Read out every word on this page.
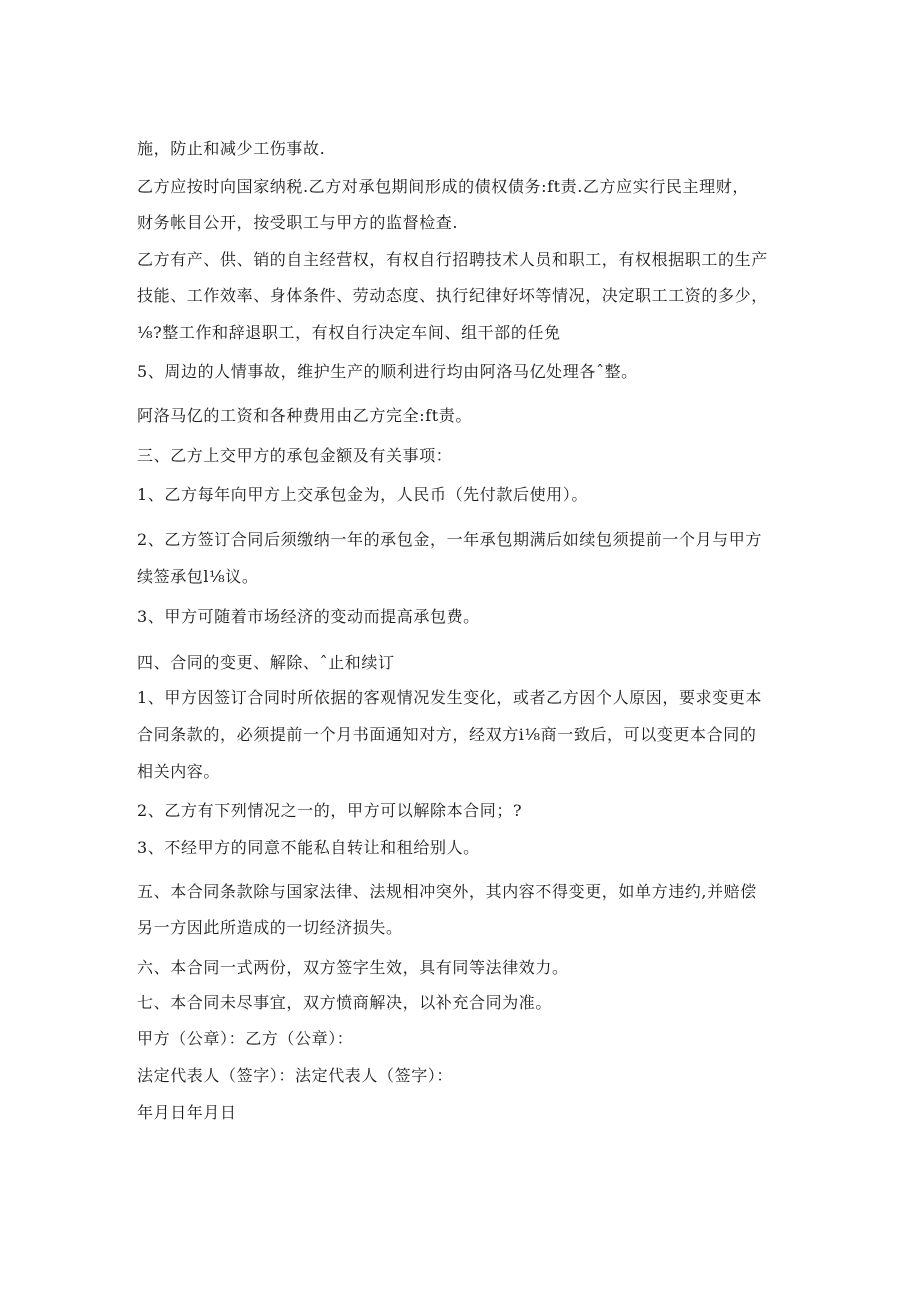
施，防止和减少工伤事故.
乙方应按时向国家纳税.乙方对承包期间形成的债权债务:ft责.乙方应实行民主理财，
财务帐目公开，按受职工与甲方的监督检查.
乙方有产、供、销的自主经营权，有权自行招聘技术人员和职工，有权根据职工的生产
技能、工作效率、身体条件、劳动态度、执行纪律好坏等情况，决定职工工资的多少，
⅛?整工作和辞退职工，有权自行决定车间、组干部的任免
5、周边的人情事故，维护生产的顺利进行均由阿洛马亿处理各ˆ整。
阿洛马亿的工资和各种费用由乙方完全:ft责。
三、乙方上交甲方的承包金额及有关事项：
1、乙方每年向甲方上交承包金为，人民币（先付款后使用）。
2、乙方签订合同后须缴纳一年的承包金，一年承包期满后如续包须提前一个月与甲方
续签承包l⅛议。
3、甲方可随着市场经济的变动而提高承包费。
四、合同的变更、解除、ˆ止和续订
1、甲方因签订合同时所依据的客观情况发生变化，或者乙方因个人原因，要求变更本
合同条款的，必须提前一个月书面通知对方，经双方i⅛商一致后，可以变更本合同的
相关内容。
2、乙方有下列情况之一的，甲方可以解除本合同；?
3、不经甲方的同意不能私自转让和租给别人。
五、本合同条款除与国家法律、法规相冲突外，其内容不得变更，如单方违约,并赔偿
另一方因此所造成的一切经济损失。
六、本合同一式两份，双方签字生效，具有同等法律效力。
七、本合同未尽事宜，双方愤商解决，以补充合同为准。
甲方（公章）：乙方（公章）：
法定代表人（签字）：法定代表人（签字）：
年月日年月日
